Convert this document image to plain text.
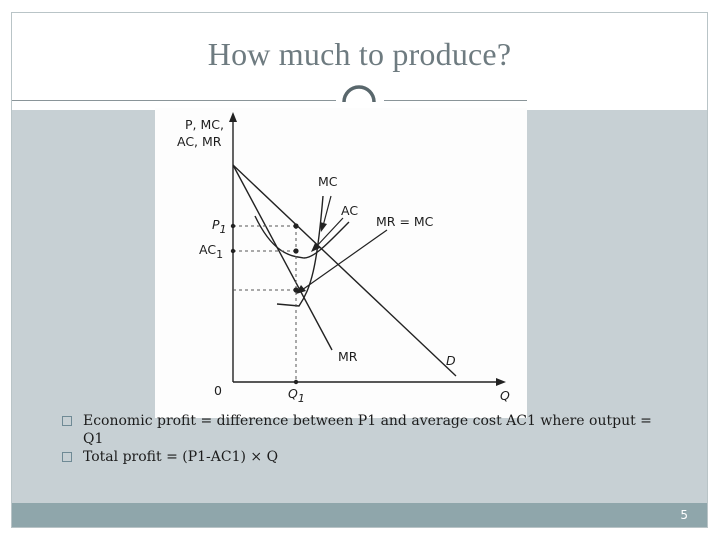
How much to produce?
P, MC,
AC, MR
Q
0
P1
AC1
Q1
MC
AC
MR = MC
MR	D
Economic profit = difference between P1 and average cost AC1 where output = Q1
Total profit = (P1-AC1) × Q
5
